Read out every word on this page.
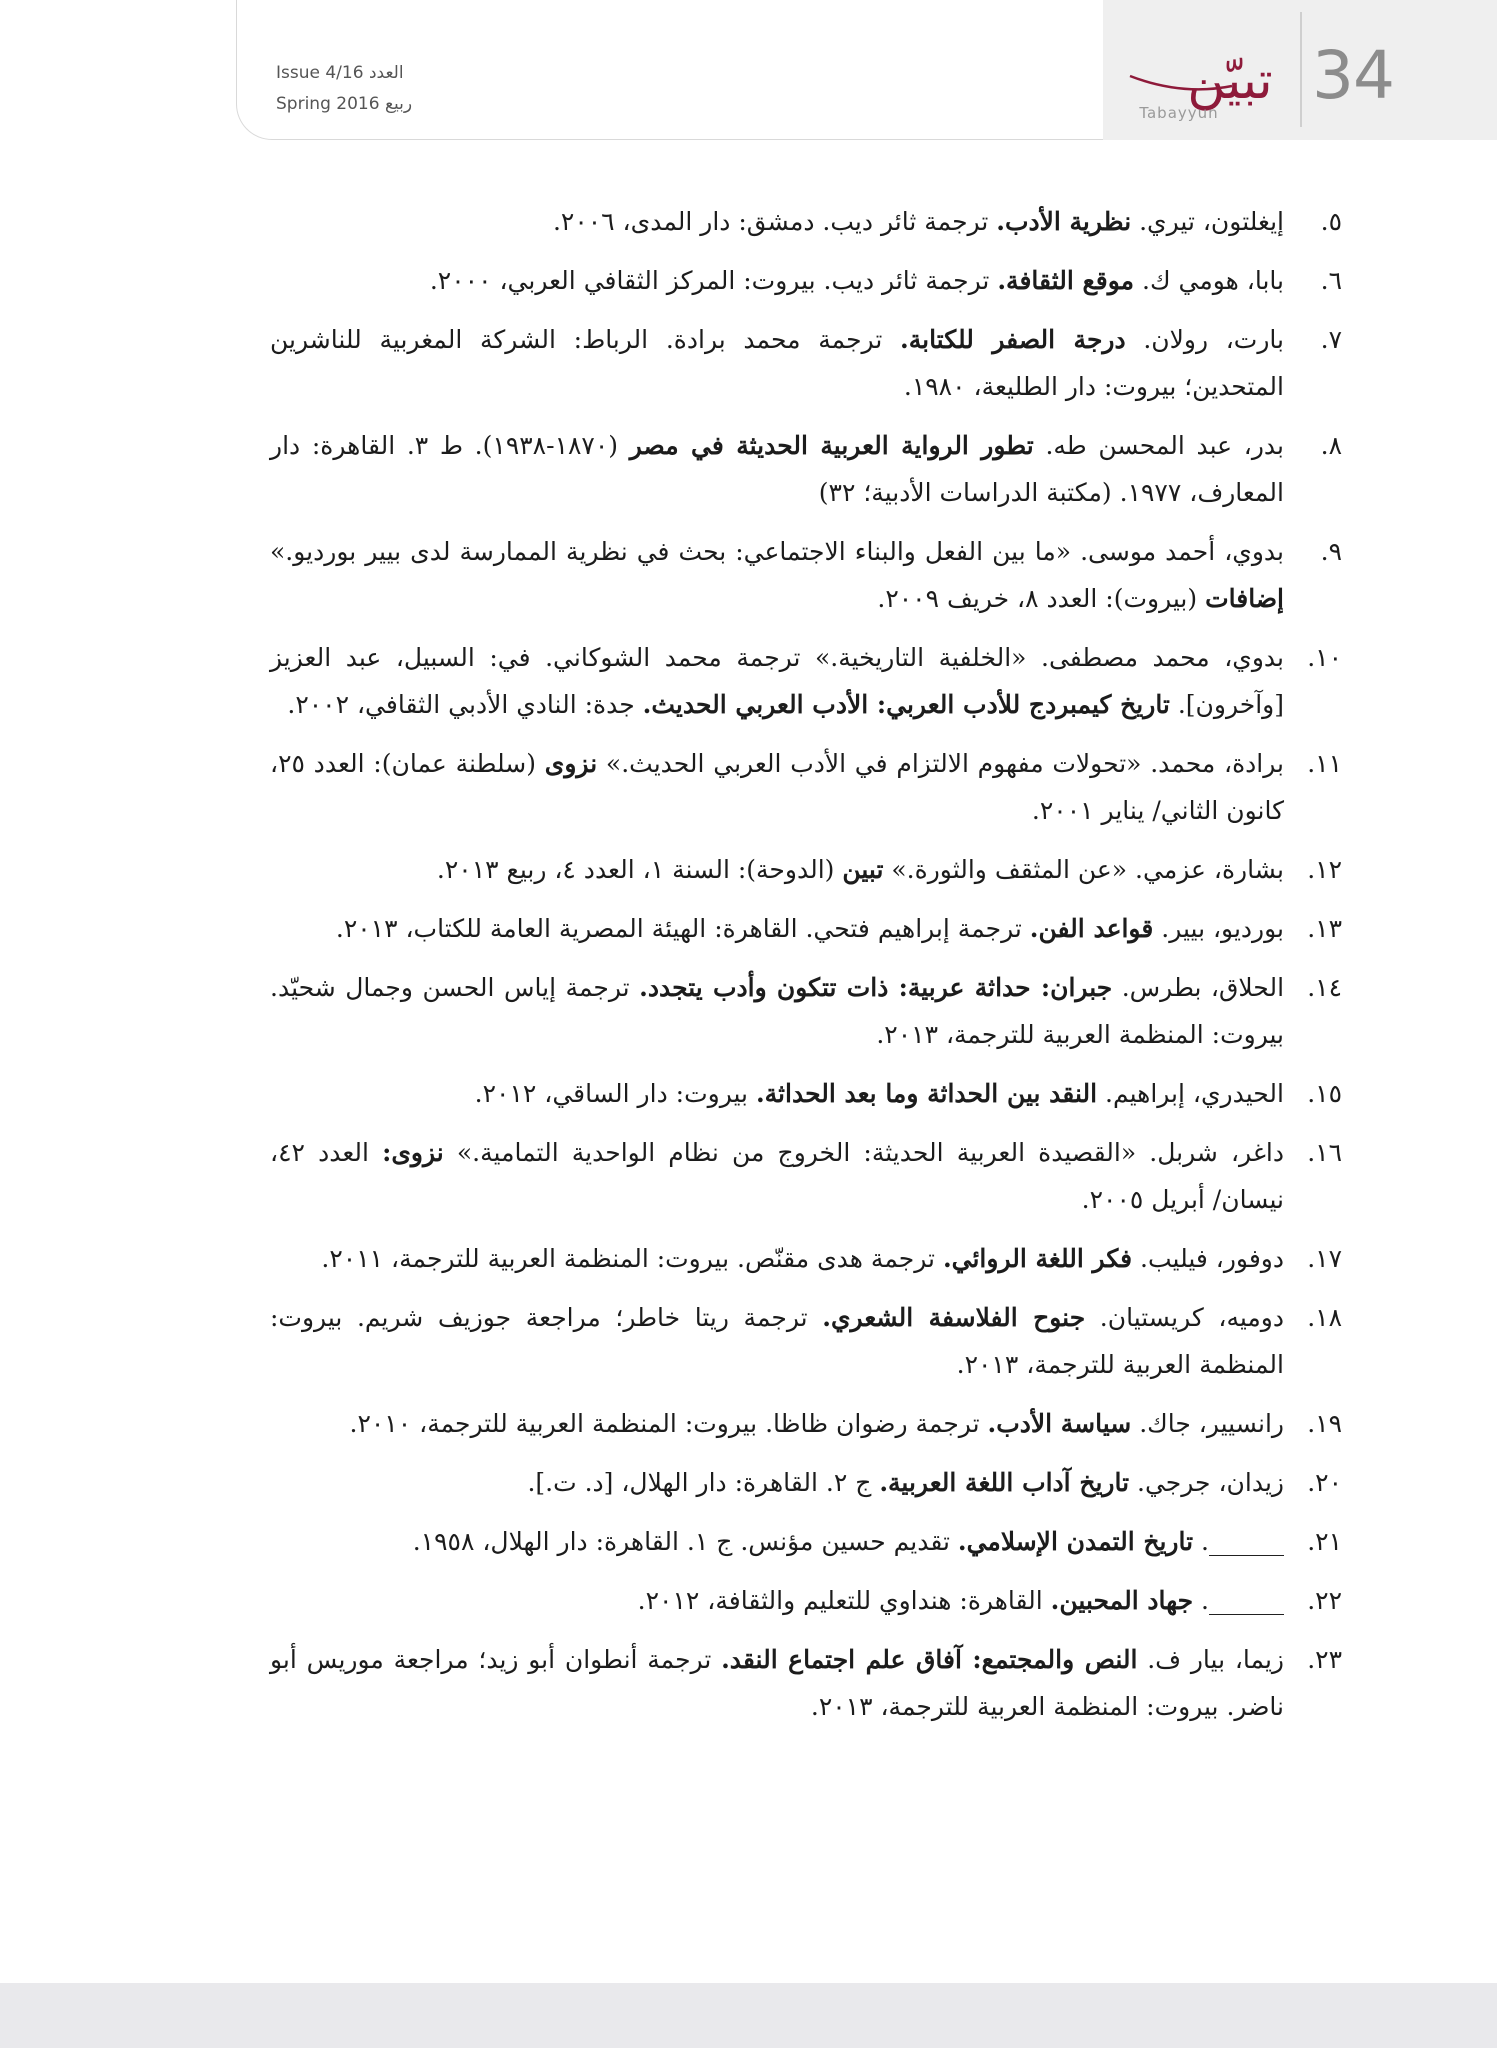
34
تبيّن
Tabayyun
Issue 4/16 العدد
Spring 2016 ربيع
٥.
إيغلتون، تيري. نظرية الأدب. ترجمة ثائر ديب. دمشق: دار المدى، ٢٠٠٦.
٦.
بابا، هومي ك. موقع الثقافة. ترجمة ثائر ديب. بيروت: المركز الثقافي العربي، ٢٠٠٠.
٧.
بارت، رولان. درجة الصفر للكتابة. ترجمة محمد برادة. الرباط: الشركة المغربية للناشرين المتحدين؛ بيروت: دار الطليعة، ١٩٨٠.
٨.
بدر، عبد المحسن طه. تطور الرواية العربية الحديثة في مصر (١٨٧٠-١٩٣٨). ط ٣. القاهرة: دار المعارف، ١٩٧٧. (مكتبة الدراسات الأدبية؛ ٣٢)
٩.
بدوي، أحمد موسى. «ما بين الفعل والبناء الاجتماعي: بحث في نظرية الممارسة لدى بيير بورديو.» إضافات (بيروت): العدد ٨، خريف ٢٠٠٩.
١٠.
بدوي، محمد مصطفى. «الخلفية التاريخية.» ترجمة محمد الشوكاني. في: السبيل، عبد العزيز [وآخرون]. تاريخ كيمبردج للأدب العربي: الأدب العربي الحديث. جدة: النادي الأدبي الثقافي، ٢٠٠٢.
١١.
برادة، محمد. «تحولات مفهوم الالتزام في الأدب العربي الحديث.» نزوى (سلطنة عمان): العدد ٢٥، كانون الثاني/ يناير ٢٠٠١.
١٢.
بشارة، عزمي. «عن المثقف والثورة.» تبين (الدوحة): السنة ١، العدد ٤، ربيع ٢٠١٣.
١٣.
بورديو، بيير. قواعد الفن. ترجمة إبراهيم فتحي. القاهرة: الهيئة المصرية العامة للكتاب، ٢٠١٣.
١٤.
الحلاق، بطرس. جبران: حداثة عربية: ذات تتكون وأدب يتجدد. ترجمة إياس الحسن وجمال شحيّد. بيروت: المنظمة العربية للترجمة، ٢٠١٣.
١٥.
الحيدري، إبراهيم. النقد بين الحداثة وما بعد الحداثة. بيروت: دار الساقي، ٢٠١٢.
١٦.
داغر، شربل. «القصيدة العربية الحديثة: الخروج من نظام الواحدية التمامية.» نزوى: العدد ٤٢، نيسان/ أبريل ٢٠٠٥.
١٧.
دوفور، فيليب. فكر اللغة الروائي. ترجمة هدى مقنّص. بيروت: المنظمة العربية للترجمة، ٢٠١١.
١٨.
دوميه، كريستيان. جنوح الفلاسفة الشعري. ترجمة ريتا خاطر؛ مراجعة جوزيف شريم. بيروت: المنظمة العربية للترجمة، ٢٠١٣.
١٩.
رانسيير، جاك. سياسة الأدب. ترجمة رضوان ظاظا. بيروت: المنظمة العربية للترجمة، ٢٠١٠.
٢٠.
زيدان، جرجي. تاريخ آداب اللغة العربية. ج ٢. القاهرة: دار الهلال، [د. ت.].
٢١.
______. تاريخ التمدن الإسلامي. تقديم حسين مؤنس. ج ١. القاهرة: دار الهلال، ١٩٥٨.
٢٢.
______. جهاد المحبين. القاهرة: هنداوي للتعليم والثقافة، ٢٠١٢.
٢٣.
زيما، بيار ف. النص والمجتمع: آفاق علم اجتماع النقد. ترجمة أنطوان أبو زيد؛ مراجعة موريس أبو ناضر. بيروت: المنظمة العربية للترجمة، ٢٠١٣.
